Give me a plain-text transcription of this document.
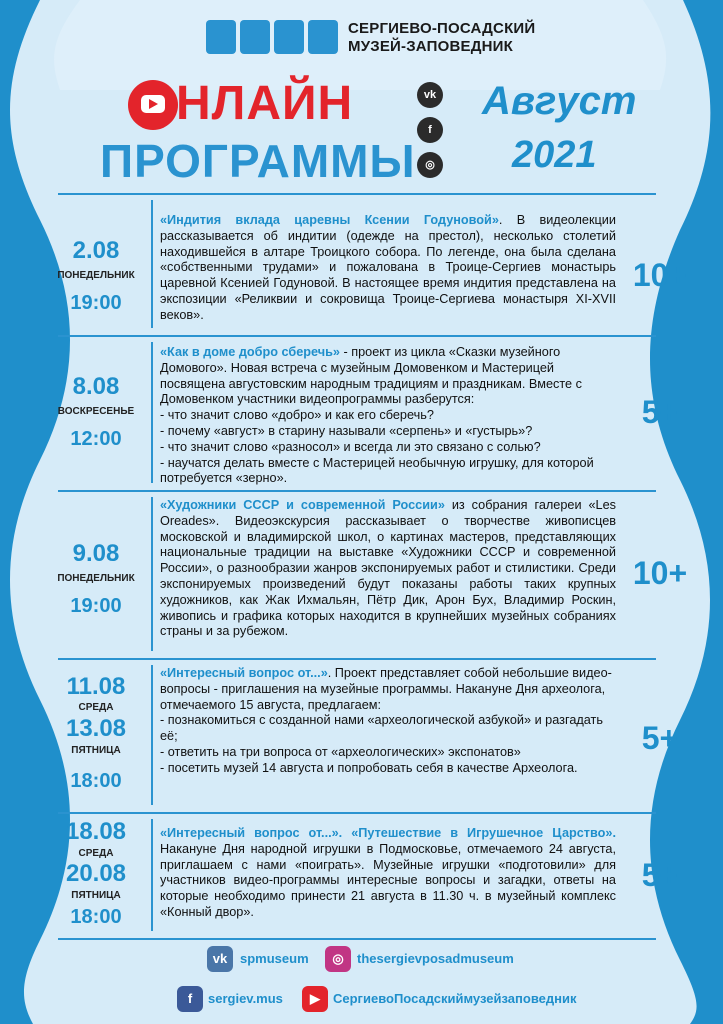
СЕРГИЕВО-ПОСАДСКИЙ
МУЗЕЙ-ЗАПОВЕДНИК
НЛАЙН
ПРОГРАММЫ
vk
f
◎
Август
2021
2.08
ПОНЕДЕЛЬНИК
19:00
«Индития вклада царевны Ксении Годуновой». В видеолекции рассказывается об индитии (одежде на престол), несколько столетий находившейся в алтаре Троицкого собора. По легенде, она была сделана «собственными трудами» и пожалована в Троице-Сергиев монастырь царевной Ксенией Годуновой. В настоящее время индития представлена на экспозиции «Реликвии и сокровища Троице-Сергиева монастыря XI-XVII веков».
10+
8.08
ВОСКРЕСЕНЬЕ
12:00
«Как в доме добро сберечь» - проект из цикла «Сказки музейного Домового». Новая встреча с музейным Домовенком и Мастерицей посвящена августовским народным традициям и праздникам. Вместе с Домовенком участники видеопрограммы разберутся:
- что значит слово «добро» и как его сберечь?
- почему «август» в старину называли «серпень» и «густырь»?
- что значит слово «разносол» и всегда ли это связано с солью?
- научатся делать вместе с Мастерицей необычную игрушку, для которой потребуется «зерно».
5+
9.08
ПОНЕДЕЛЬНИК
19:00
«Художники СССР и современной России» из собрания галереи «Les Oreades». Видеоэкскурсия рассказывает о творчестве живописцев московской и владимирской школ, о картинах мастеров, представляющих национальные традиции на выставке «Художники СССР и современной России», о разнообразии жанров экспонируемых работ и стилистики. Среди экспонируемых произведений будут показаны работы таких крупных художников, как Жак Ихмальян, Пётр Дик, Арон Бух, Владимир Роскин, живопись и графика которых находится в крупнейших музейных собраниях страны и за рубежом.
10+
11.08
СРЕДА
13.08
ПЯТНИЦА
18:00
«Интересный вопрос от...». Проект представляет собой небольшие видео-вопросы - приглашения на музейные программы. Накануне Дня археолога, отмечаемого 15 августа, предлагаем:
- познакомиться с созданной нами «археологической азбукой» и разгадать её;
- ответить на три вопроса от «археологических» экспонатов»
- посетить музей 14 августа и попробовать себя в качестве Археолога.
5+
18.08
СРЕДА
20.08
ПЯТНИЦА
18:00
«Интересный вопрос от...». «Путешествие в Игрушечное Царство». Накануне Дня народной игрушки в Подмосковье, отмечаемого 24 августа, приглашаем с нами «поиграть». Музейные игрушки «подготовили» для участников видео-программы интересные вопросы и загадки, ответы на которые необходимо принести 21 августа в 11.30 ч. в музейный комплекс «Конный двор».
5+
vk spmuseum	◎	thesergievposadmuseum
f	sergiev.mus	▶	СергиевоПосадскиймузейзаповедник
